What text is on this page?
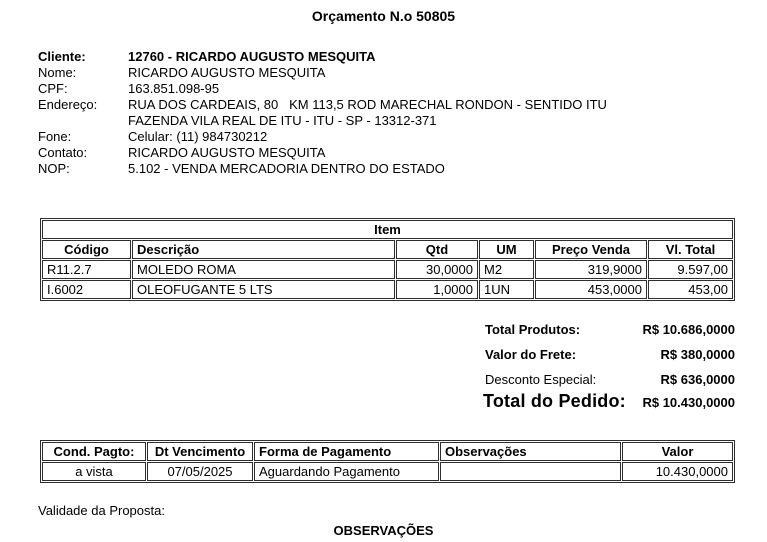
Orçamento N.o 50805
Cliente:	12760 - RICARDO AUGUSTO MESQUITA
Nome:	RICARDO AUGUSTO MESQUITA
CPF:	163.851.098-95
Endereço:	RUA DOS CARDEAIS, 80   KM 113,5 ROD MARECHAL RONDON - SENTIDO ITU
FAZENDA VILA REAL DE ITU - ITU - SP - 13312-371
Fone:	Celular: (11) 984730212
Contato:	RICARDO AUGUSTO MESQUITA
NOP:	5.102 - VENDA MERCADORIA DENTRO DO ESTADO
Item					
Código	Descrição	Qtd	UM	Preço Venda	Vl. Total
R11.2.7	MOLEDO ROMA	30,0000	M2	319,9000	9.597,00
I.6002	OLEOFUGANTE 5 LTS	1,0000	1UN	453,0000	453,00
Total Produtos:	R$ 10.686,0000
Valor do Frete:	R$ 380,0000
Desconto Especial:	R$ 636,0000
Total do Pedido: R$ 10.430,0000
Cond. Pagto:	Dt Vencimento	Forma de Pagamento	Observações	Valor
a vista	07/05/2025	Aguardando Pagamento		10.430,0000
Validade da Proposta:
OBSERVAÇÕES
